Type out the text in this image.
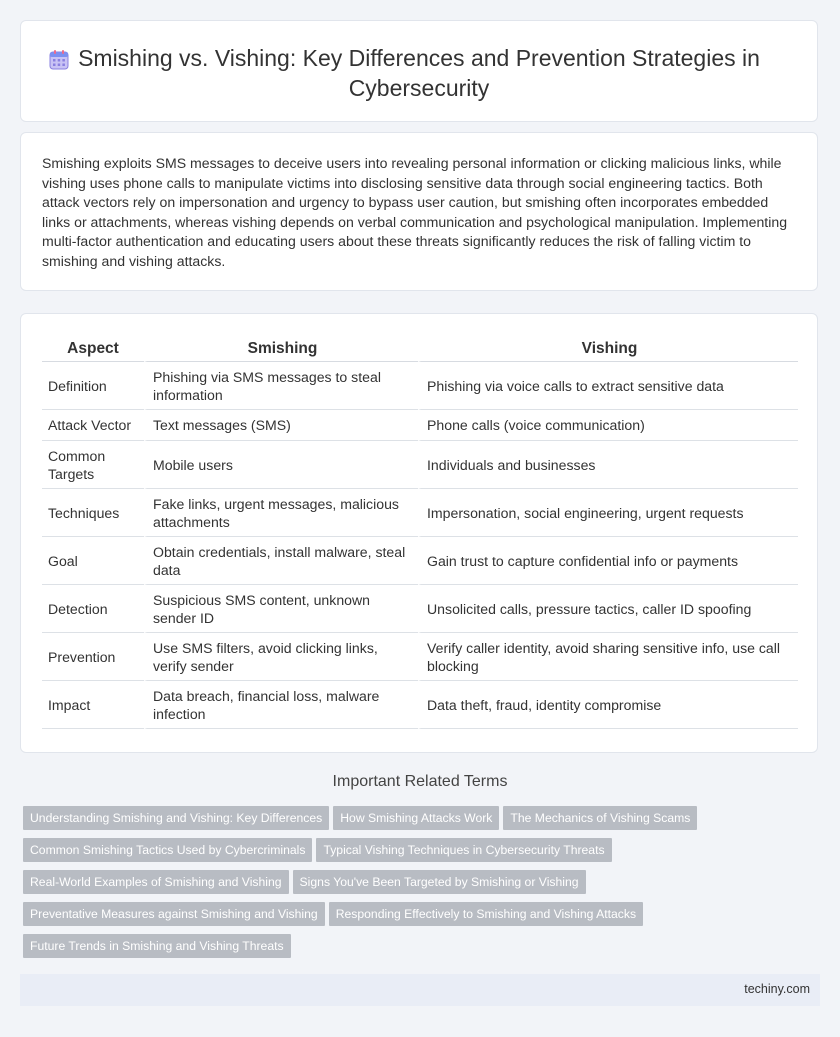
Smishing vs. Vishing: Key Differences and Prevention Strategies in Cybersecurity
Smishing exploits SMS messages to deceive users into revealing personal information or clicking malicious links, while vishing uses phone calls to manipulate victims into disclosing sensitive data through social engineering tactics. Both attack vectors rely on impersonation and urgency to bypass user caution, but smishing often incorporates embedded links or attachments, whereas vishing depends on verbal communication and psychological manipulation. Implementing multi-factor authentication and educating users about these threats significantly reduces the risk of falling victim to smishing and vishing attacks.
Aspect	Smishing	Vishing
Definition	Phishing via SMS messages to steal information	Phishing via voice calls to extract sensitive data
Attack Vector	Text messages (SMS)	Phone calls (voice communication)
Common Targets	Mobile users	Individuals and businesses
Techniques	Fake links, urgent messages, malicious attachments	Impersonation, social engineering, urgent requests
Goal	Obtain credentials, install malware, steal data	Gain trust to capture confidential info or payments
Detection	Suspicious SMS content, unknown sender ID	Unsolicited calls, pressure tactics, caller ID spoofing
Prevention	Use SMS filters, avoid clicking links, verify sender	Verify caller identity, avoid sharing sensitive info, use call blocking
Impact	Data breach, financial loss, malware infection	Data theft, fraud, identity compromise
Important Related Terms
Understanding Smishing and Vishing: Key Differences How Smishing Attacks Work The Mechanics of Vishing Scams
Common Smishing Tactics Used by Cybercriminals Typical Vishing Techniques in Cybersecurity Threats
Real-World Examples of Smishing and Vishing Signs You've Been Targeted by Smishing or Vishing
Preventative Measures against Smishing and Vishing Responding Effectively to Smishing and Vishing Attacks
Future Trends in Smishing and Vishing Threats
techiny.com
